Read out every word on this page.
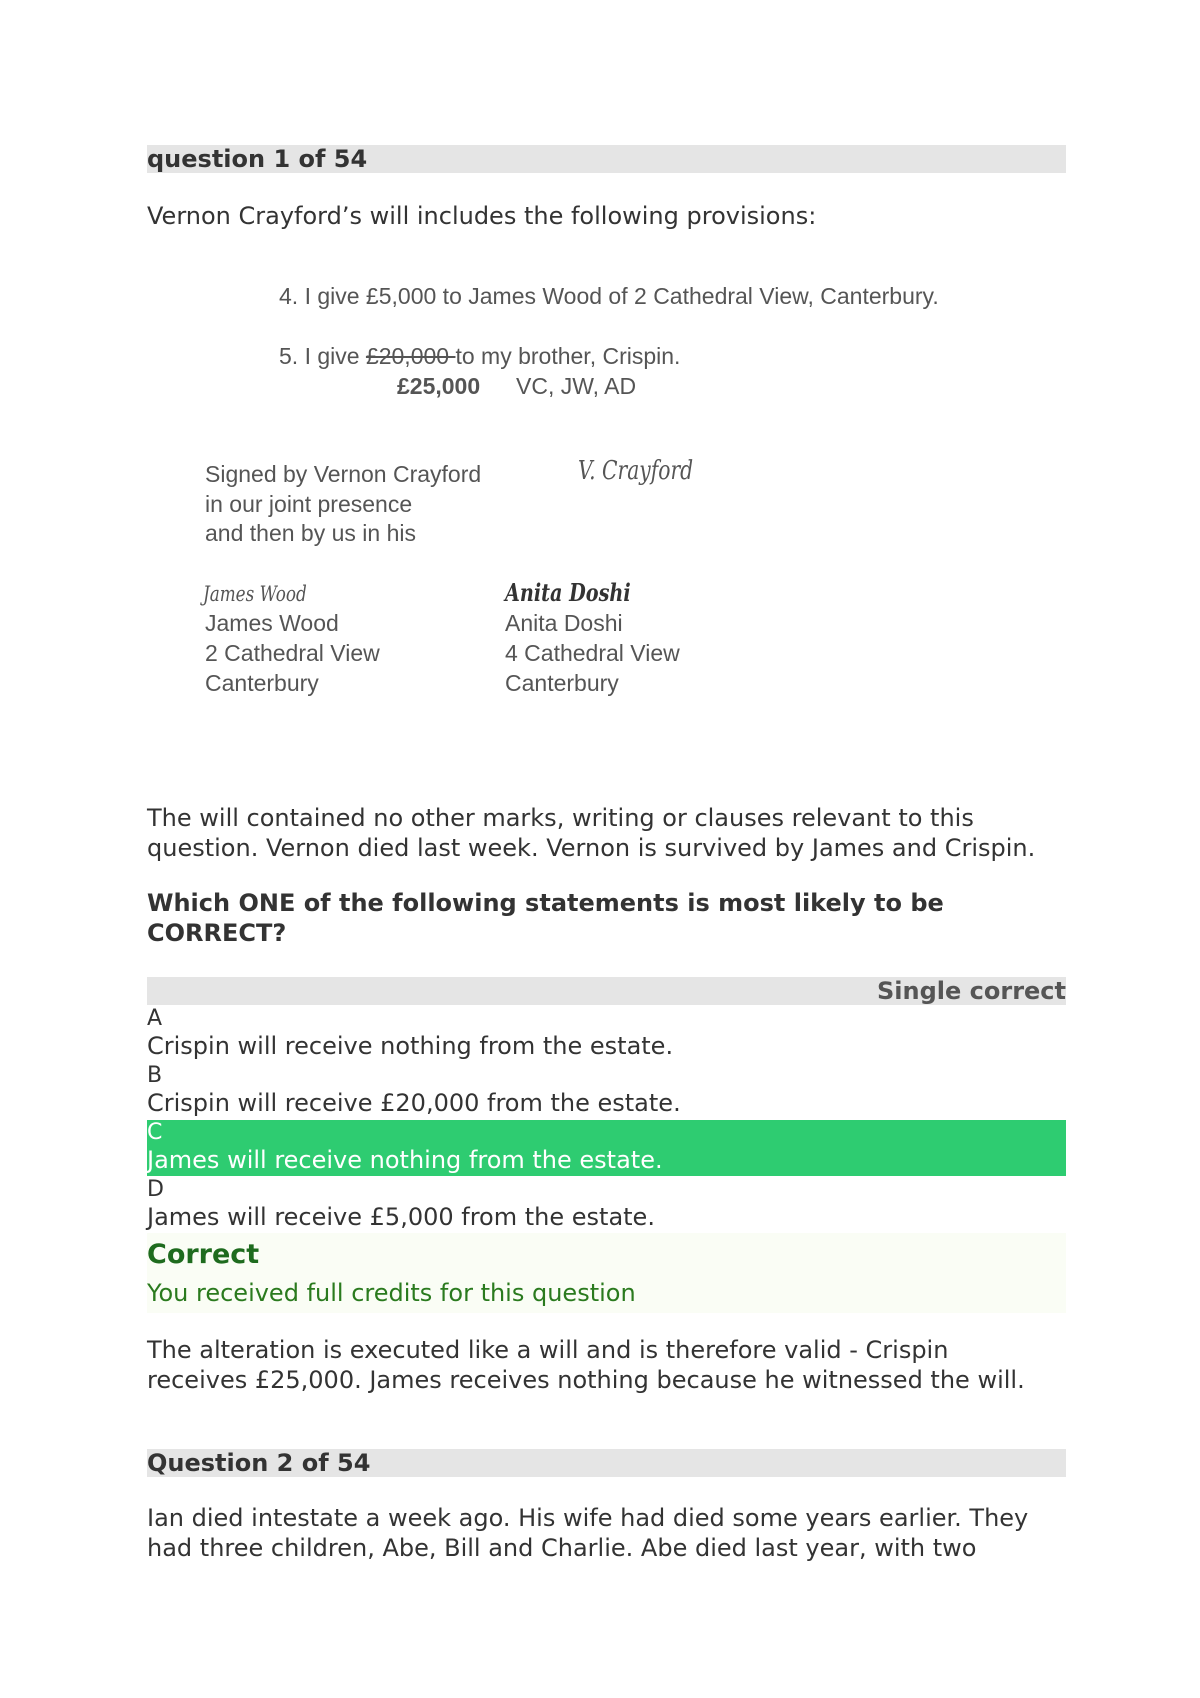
question 1 of 54
Vernon Crayford’s will includes the following provisions:
4. I give £5,000 to James Wood of 2 Cathedral View, Canterbury.
5. I give £20,000 to my brother, Crispin.
£25,000 VC, JW, AD
Signed by Vernon Crayford
in our joint presence
and then by us in his
V. Crayford
James Wood
James Wood
2 Cathedral View
Canterbury
Anita Doshi
Anita Doshi
4 Cathedral View
Canterbury
The will contained no other marks, writing or clauses relevant to this
question. Vernon died last week. Vernon is survived by James and Crispin.
Which ONE of the following statements is most likely to be
CORRECT?
Single correct
A
Crispin will receive nothing from the estate.
B
Crispin will receive £20,000 from the estate.
C
James will receive nothing from the estate.
D
James will receive £5,000 from the estate.
Correct
You received full credits for this question
The alteration is executed like a will and is therefore valid - Crispin
receives £25,000. James receives nothing because he witnessed the will.
Question 2 of 54
Ian died intestate a week ago. His wife had died some years earlier. They
had three children, Abe, Bill and Charlie. Abe died last year, with two
